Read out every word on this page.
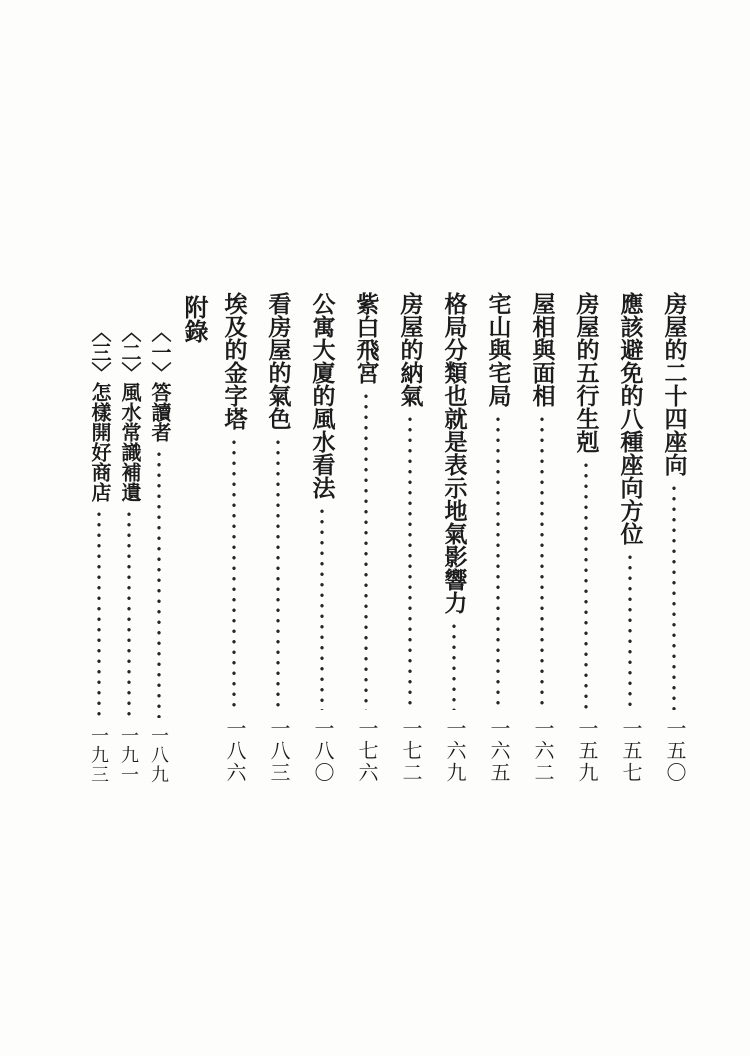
房屋的二十四座向
一五〇
應該避免的八種座向方位
一五七
房屋的五行生剋
一五九
屋相與面相
一六二
宅山與宅局
一六五
格局分類也就是表示地氣影響力
一六九
房屋的納氣
一七二
紫白飛宮
一七六
公寓大廈的風水看法
一八〇
看房屋的氣色
一八三
埃及的金字塔
一八六
附錄
〈一〉答讀者
一八九
〈二〉風水常識補遺
一九一
〈三〉怎樣開好商店
一九三
